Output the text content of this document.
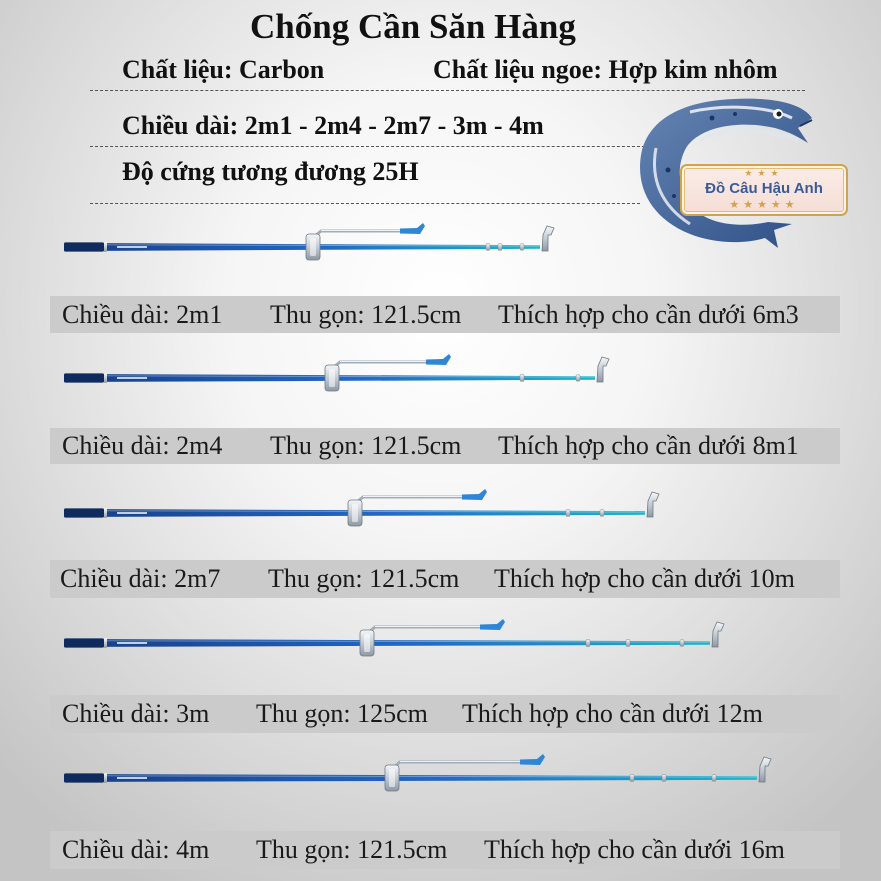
Chống Cần Săn Hàng
Chất liệu: Carbon	Chất liệu ngoe: Hợp kim nhôm
Chiều dài: 2m1 - 2m4 - 2m7 - 3m - 4m
Độ cứng tương đương 25H	★★★
Đồ Câu Hậu Anh
★★★★★
Chiều dài: 2m1 Thu gọn: 121.5cm Thích hợp cho cần dưới 6m3
Chiều dài: 2m4 Thu gọn: 121.5cm Thích hợp cho cần dưới 8m1
Chiều dài: 2m7 Thu gọn: 121.5cm Thích hợp cho cần dưới 10m
Chiều dài: 3m Thu gọn: 125cm Thích hợp cho cần dưới 12m
Chiều dài: 4m Thu gọn: 121.5cm Thích hợp cho cần dưới 16m
